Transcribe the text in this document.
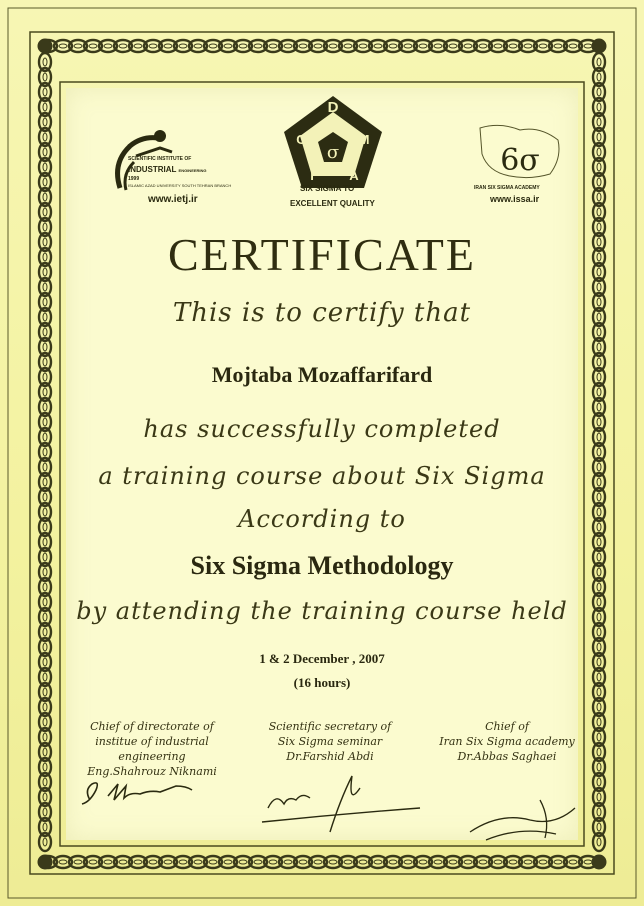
SCIENTIFIC INSTITUTE OF
INDUSTRIAL ENGINEERING
1999
ISLAMIC AZAD UNIVERSITY SOUTH TEHRAN BRANCH
www.ietj.ir
D
M
A
I
C
σ
SIX SIGMA TO
EXCELLENT QUALITY
6σ
IRAN SIX SIGMA ACADEMY
www.issa.ir
CERTIFICATE
This is to certify that
Mojtaba Mozaffarifard
has successfully completed
a training course about Six Sigma
According to
Six Sigma Methodology
by attending the training course held
1 & 2 December , 2007
(16 hours)
Chief of directorate of
institue of industrial engineering
Eng.Shahrouz Niknami
Scientific secretary of
Six Sigma seminar
Dr.Farshid Abdi
Chief of
Iran Six Sigma academy
Dr.Abbas Saghaei
